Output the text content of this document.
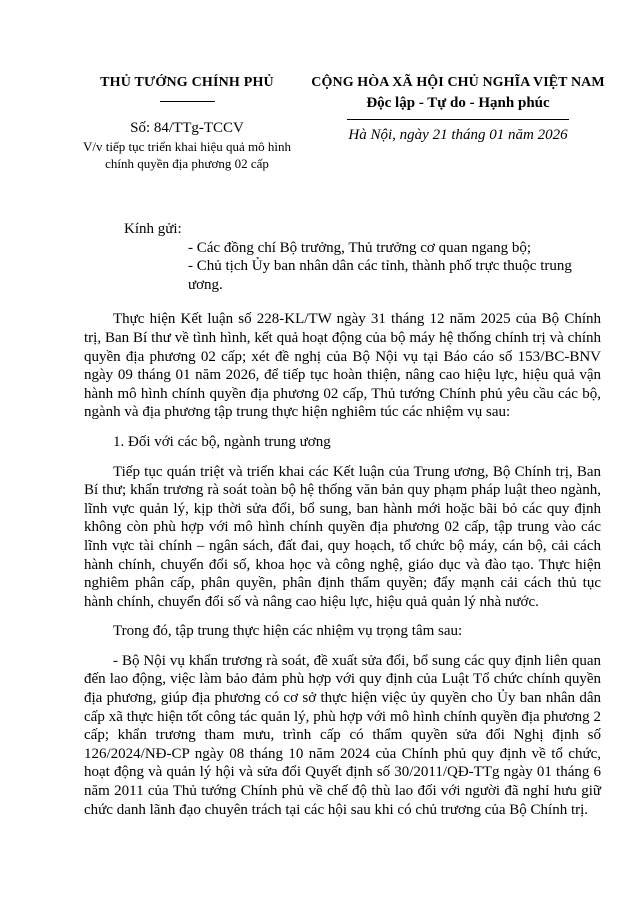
THỦ TƯỚNG CHÍNH PHỦ
Số: 84/TTg-TCCV
V/v tiếp tục triển khai hiệu quả mô hình chính quyền địa phương 02 cấp
CỘNG HÒA XÃ HỘI CHỦ NGHĨA VIỆT NAM
Độc lập - Tự do - Hạnh phúc
Hà Nội, ngày 21 tháng 01 năm 2026
Kính gửi:
- Các đồng chí Bộ trưởng, Thủ trưởng cơ quan ngang bộ;
- Chủ tịch Ủy ban nhân dân các tỉnh, thành phố trực thuộc trung ương.

Thực hiện Kết luận số 228-KL/TW ngày 31 tháng 12 năm 2025 của Bộ Chính trị, Ban Bí thư về tình hình, kết quả hoạt động của bộ máy hệ thống chính trị và chính quyền địa phương 02 cấp; xét đề nghị của Bộ Nội vụ tại Báo cáo số 153/BC-BNV ngày 09 tháng 01 năm 2026, để tiếp tục hoàn thiện, nâng cao hiệu lực, hiệu quả vận hành mô hình chính quyền địa phương 02 cấp, Thủ tướng Chính phủ yêu cầu các bộ, ngành và địa phương tập trung thực hiện nghiêm túc các nhiệm vụ sau:

1. Đối với các bộ, ngành trung ương

Tiếp tục quán triệt và triển khai các Kết luận của Trung ương, Bộ Chính trị, Ban Bí thư; khẩn trương rà soát toàn bộ hệ thống văn bản quy phạm pháp luật theo ngành, lĩnh vực quản lý, kịp thời sửa đổi, bổ sung, ban hành mới hoặc bãi bỏ các quy định không còn phù hợp với mô hình chính quyền địa phương 02 cấp, tập trung vào các lĩnh vực tài chính – ngân sách, đất đai, quy hoạch, tổ chức bộ máy, cán bộ, cải cách hành chính, chuyển đổi số, khoa học và công nghệ, giáo dục và đào tạo. Thực hiện nghiêm phân cấp, phân quyền, phân định thẩm quyền; đẩy mạnh cải cách thủ tục hành chính, chuyển đổi số và nâng cao hiệu lực, hiệu quả quản lý nhà nước.

Trong đó, tập trung thực hiện các nhiệm vụ trọng tâm sau:

- Bộ Nội vụ khẩn trương rà soát, đề xuất sửa đổi, bổ sung các quy định liên quan đến lao động, việc làm bảo đảm phù hợp với quy định của Luật Tổ chức chính quyền địa phương, giúp địa phương có cơ sở thực hiện việc ủy quyền cho Ủy ban nhân dân cấp xã thực hiện tốt công tác quản lý, phù hợp với mô hình chính quyền địa phương 2 cấp; khẩn trương tham mưu, trình cấp có thẩm quyền sửa đổi Nghị định số 126/2024/NĐ-CP ngày 08 tháng 10 năm 2024 của Chính phủ quy định về tổ chức, hoạt động và quản lý hội và sửa đổi Quyết định số 30/2011/QĐ-TTg ngày 01 tháng 6 năm 2011 của Thủ tướng Chính phủ về chế độ thù lao đối với người đã nghỉ hưu giữ chức danh lãnh đạo chuyên trách tại các hội sau khi có chủ trương của Bộ Chính trị.
